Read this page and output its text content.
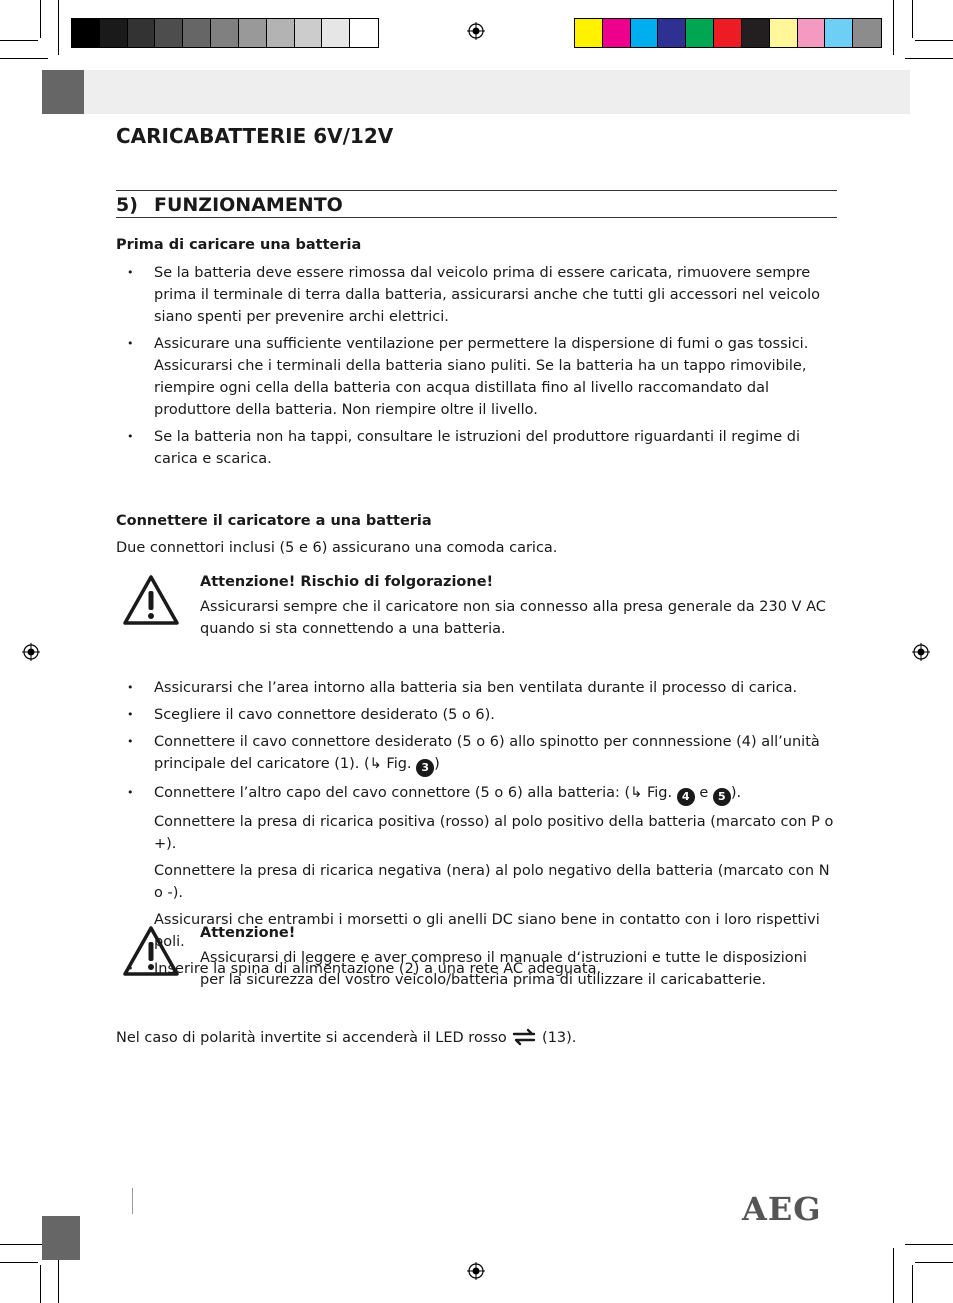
CARICABATTERIE 6V/12V
5) FUNZIONAMENTO

Prima di caricare una batteria

• Se la batteria deve essere rimossa dal veicolo prima di essere caricata, rimuovere sempre prima il terminale di terra dalla batteria, assicurarsi anche che tutti gli accessori nel veicolo siano spenti per prevenire archi elettrici.
• Assicurare una sufficiente ventilazione per permettere la dispersione di fumi o gas tossici. Assicurarsi che i terminali della batteria siano puliti. Se la batteria ha un tappo rimovibile, riempire ogni cella della batteria con acqua distillata fino al livello raccomandato dal produttore della batteria. Non riempire oltre il livello.
• Se la batteria non ha tappi, consultare le istruzioni del produttore riguardanti il regime di carica e scarica.

Connettere il caricatore a una batteria

Due connettori inclusi (5 e 6) assicurano una comoda carica.

Attenzione! Rischio di folgorazione!
Assicurarsi sempre che il caricatore non sia connesso alla presa generale da 230 V AC quando si sta connettendo a una batteria.
• Assicurarsi che l’area intorno alla batteria sia ben ventilata durante il processo di carica.
• Scegliere il cavo connettore desiderato (5 o 6).
• Connettere il cavo connettore desiderato (5 o 6) allo spinotto per connnessione (4) all’unità principale del caricatore (1). (↳ Fig. 3 )
• Connettere l’altro capo del cavo connettore (5 o 6) alla batteria: (↳ Fig. 4 e 5 ).
Connettere la presa di ricarica positiva (rosso) al polo positivo della batteria (marcato con P o +).
Connettere la presa di ricarica negativa (nera) al polo negativo della batteria (marcato con N o -).
Assicurarsi che entrambi i morsetti o gli anelli DC siano bene in contatto con i loro rispettivi poli.
• Inserire la spina di alimentazione (2) a una rete AC adeguata.
Attenzione!
Assicurarsi di leggere e aver compreso il manuale d‘istruzioni e tutte le disposizioni per la sicurezza del vostro veicolo/batteria prima di utilizzare il caricabatterie.

Nel caso di polarità invertite si accenderà il LED rosso  (13).

AEG
